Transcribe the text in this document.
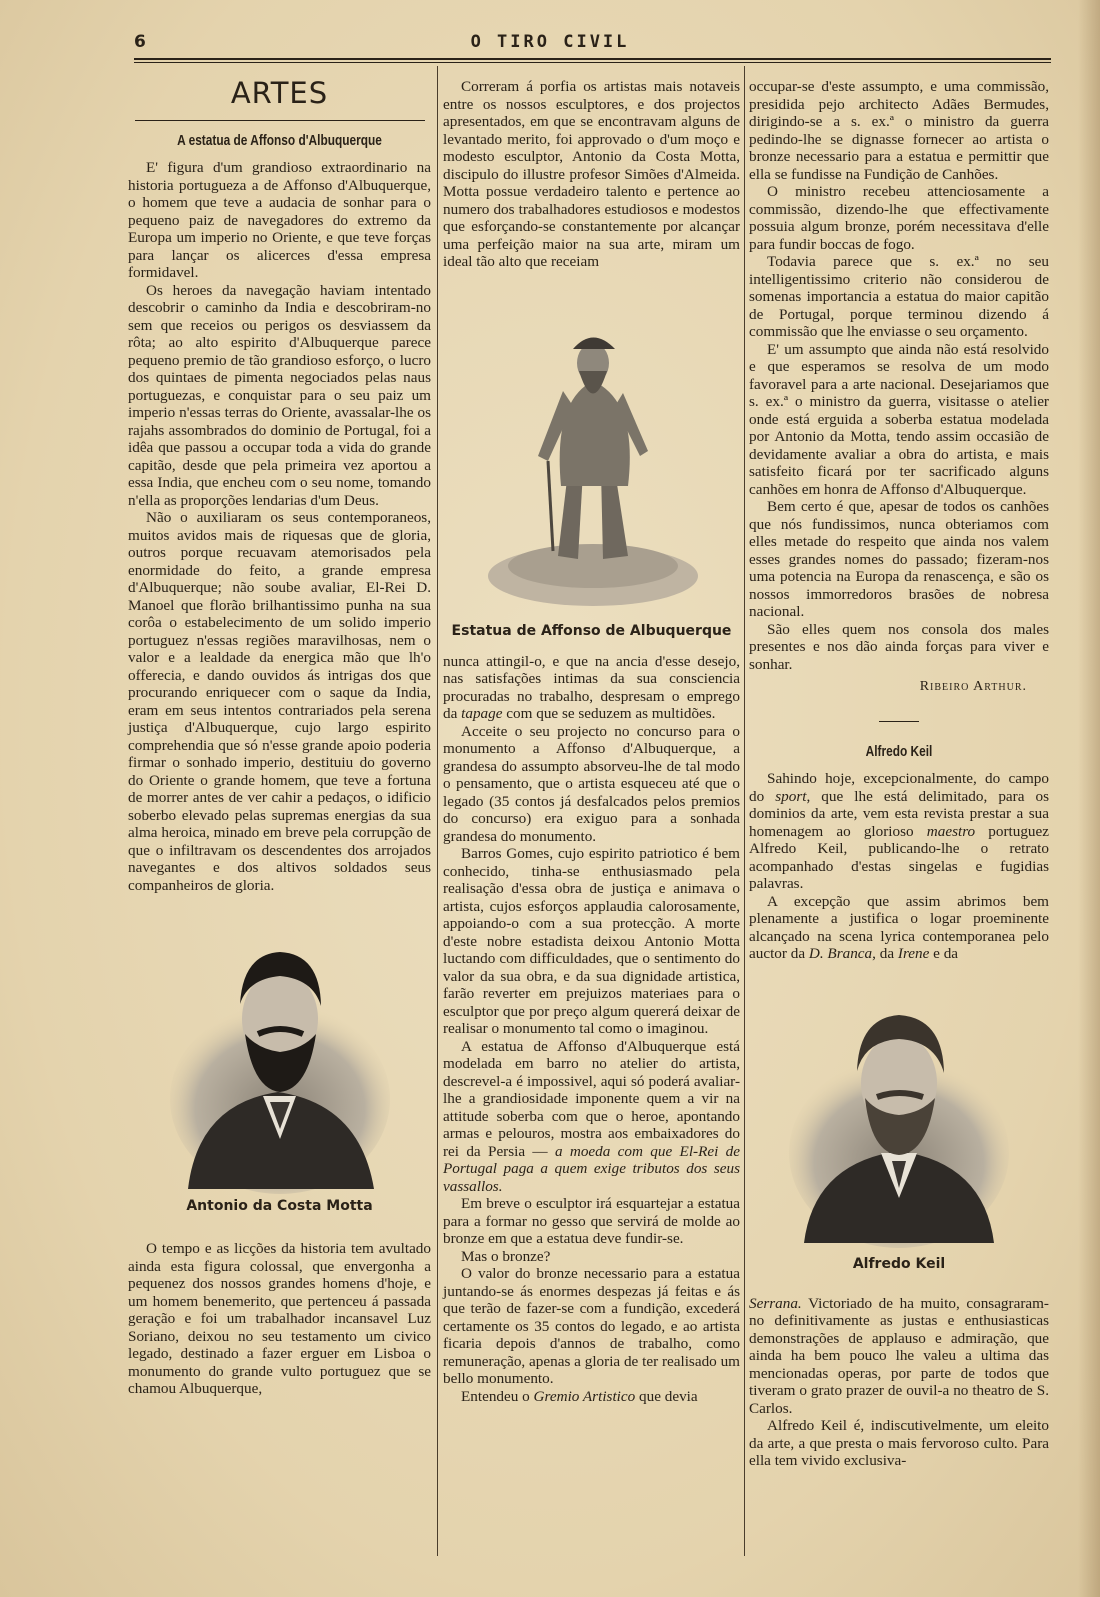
6	O TIRO CIVIL
ARTES
A estatua de Affonso d'Albuquerque

E' figura d'um grandioso extraordinario na historia portugueza a de Affonso d'Albuquerque, o homem que teve a audacia de sonhar para o pequeno paiz de navegadores do extremo da Europa um imperio no Oriente, e que teve forças para lançar os alicerces d'essa empresa formidavel.

Os heroes da navegação haviam intentado descobrir o caminho da India e descobriram-no sem que receios ou perigos os desviassem da rôta; ao alto espirito d'Albuquerque parece pequeno premio de tão grandioso esforço, o lucro dos quintaes de pimenta negociados pelas naus portuguezas, e conquistar para o seu paiz um imperio n'essas terras do Oriente, avassalar-lhe os rajahs assombrados do dominio de Portugal, foi a idêa que passou a occupar toda a vida do grande capitão, desde que pela primeira vez aportou a essa India, que encheu com o seu nome, tomando n'ella as proporções lendarias d'um Deus.

Não o auxiliaram os seus contemporaneos, muitos avidos mais de riquesas que de gloria, outros porque recuavam atemorisados pela enormidade do feito, a grande empresa d'Albuquerque; não soube avaliar, El-Rei D. Manoel que florão brilhantissimo punha na sua corôa o estabelecimento de um solido imperio portuguez n'essas regiões maravilhosas, nem o valor e a lealdade da energica mão que lh'o offerecia, e dando ouvidos ás intrigas dos que procurando enriquecer com o saque da India, eram em seus intentos contrariados pela serena justiça d'Albuquerque, cujo largo espirito comprehendia que só n'esse grande apoio poderia firmar o sonhado imperio, destituiu do governo do Oriente o grande homem, que teve a fortuna de morrer antes de ver cahir a pedaços, o idificio soberbo elevado pelas supremas energias da sua alma heroica, minado em breve pela corrupção de que o infiltravam os descendentes dos arrojados navegantes e dos altivos soldados seus companheiros de gloria.

Antonio da Costa Motta

O tempo e as licções da historia tem avultado ainda esta figura colossal, que envergonha a pequenez dos nossos grandes homens d'hoje, e um homem benemerito, que pertenceu á passada geração e foi um trabalhador incansavel Luz Soriano, deixou no seu testamento um civico legado, destinado a fazer erguer em Lisboa o monumento do grande vulto portuguez que se chamou Albuquerque,

Correram á porfia os artistas mais notaveis entre os nossos esculptores, e dos projectos apresentados, em que se encontravam alguns de levantado merito, foi approvado o d'um moço e modesto esculptor, Antonio da Costa Motta, discipulo do illustre profesor Simões d'Almeida. Motta possue verdadeiro talento e pertence ao numero dos trabalhadores estudiosos e modestos que esforçando-se constantemente por alcançar uma perfeição maior na sua arte, miram um ideal tão alto que receiam

Estatua de Affonso de Albuquerque

nunca attingil-o, e que na ancia d'esse desejo, nas satisfações intimas da sua consciencia procuradas no trabalho, despresam o emprego da tapage com que se seduzem as multidões.

Acceite o seu projecto no concurso para o monumento a Affonso d'Albuquerque, a grandesa do assumpto absorveu-lhe de tal modo o pensamento, que o artista esqueceu até que o legado (35 contos já desfalcados pelos premios do concurso) era exiguo para a sonhada grandesa do monumento.

Barros Gomes, cujo espirito patriotico é bem conhecido, tinha-se enthusiasmado pela realisação d'essa obra de justiça e animava o artista, cujos esforços applaudia calorosamente, appoiando-o com a sua protecção. A morte d'este nobre estadista deixou Antonio Motta luctando com difficuldades, que o sentimento do valor da sua obra, e da sua dignidade artistica, farão reverter em prejuizos materiaes para o esculptor que por preço algum quererá deixar de realisar o monumento tal como o imaginou.

A estatua de Affonso d'Albuquerque está modelada em barro no atelier do artista, descrevel-a é impossivel, aqui só poderá avaliar-lhe a grandiosidade imponente quem a vir na attitude soberba com que o heroe, apontando armas e pelouros, mostra aos embaixadores do rei da Persia — a moeda com que El-Rei de Portugal paga a quem exige tributos dos seus vassallos.

Em breve o esculptor irá esquartejar a estatua para a formar no gesso que servirá de molde ao bronze em que a estatua deve fundir-se.

Mas o bronze?

O valor do bronze necessario para a estatua juntando-se ás enormes despezas já feitas e ás que terão de fazer-se com a fundição, excederá certamente os 35 contos do legado, e ao artista ficaria depois d'annos de trabalho, como remuneração, apenas a gloria de ter realisado um bello monumento.

Entendeu o Gremio Artistico que devia

occupar-se d'este assumpto, e uma commissão, presidida pejo architecto Adães Bermudes, dirigindo-se a s. ex.ª o ministro da guerra pedindo-lhe se dignasse fornecer ao artista o bronze necessario para a estatua e permittir que ella se fundisse na Fundição de Canhões.

O ministro recebeu attenciosamente a commissão, dizendo-lhe que effectivamente possuia algum bronze, porém necessitava d'elle para fundir boccas de fogo.

Todavia parece que s. ex.ª no seu intelligentissimo criterio não considerou de somenas importancia a estatua do maior capitão de Portugal, porque terminou dizendo á commissão que lhe enviasse o seu orçamento.

E' um assumpto que ainda não está resolvido e que esperamos se resolva de um modo favoravel para a arte nacional. Desejariamos que s. ex.ª o ministro da guerra, visitasse o atelier onde está erguida a soberba estatua modelada por Antonio da Motta, tendo assim occasião de devidamente avaliar a obra do artista, e mais satisfeito ficará por ter sacrificado alguns canhões em honra de Affonso d'Albuquerque.

Bem certo é que, apesar de todos os canhões que nós fundissimos, nunca obteriamos com elles metade do respeito que ainda nos valem esses grandes nomes do passado; fizeram-nos uma potencia na Europa da renascença, e são os nossos immorredoros brasões de nobresa nacional.

São elles quem nos consola dos males presentes e nos dão ainda forças para viver e sonhar.

Ribeiro Arthur.
Alfredo Keil

Sahindo hoje, excepcionalmente, do campo do sport, que lhe está delimitado, para os dominios da arte, vem esta revista prestar a sua homenagem ao glorioso maestro portuguez Alfredo Keil, publicando-lhe o retrato acompanhado d'estas singelas e fugidias palavras.

A excepção que assim abrimos bem plenamente a justifica o logar proeminente alcançado na scena lyrica contemporanea pelo auctor da D. Branca, da Irene e da

Alfredo Keil

Serrana. Victoriado de ha muito, consagraram-no definitivamente as justas e enthusiasticas demonstrações de applauso e admiração, que ainda ha bem pouco lhe valeu a ultima das mencionadas operas, por parte de todos que tiveram o grato prazer de ouvil-a no theatro de S. Carlos.

Alfredo Keil é, indiscutivelmente, um eleito da arte, a que presta o mais fervoroso culto. Para ella tem vivido exclusiva-
